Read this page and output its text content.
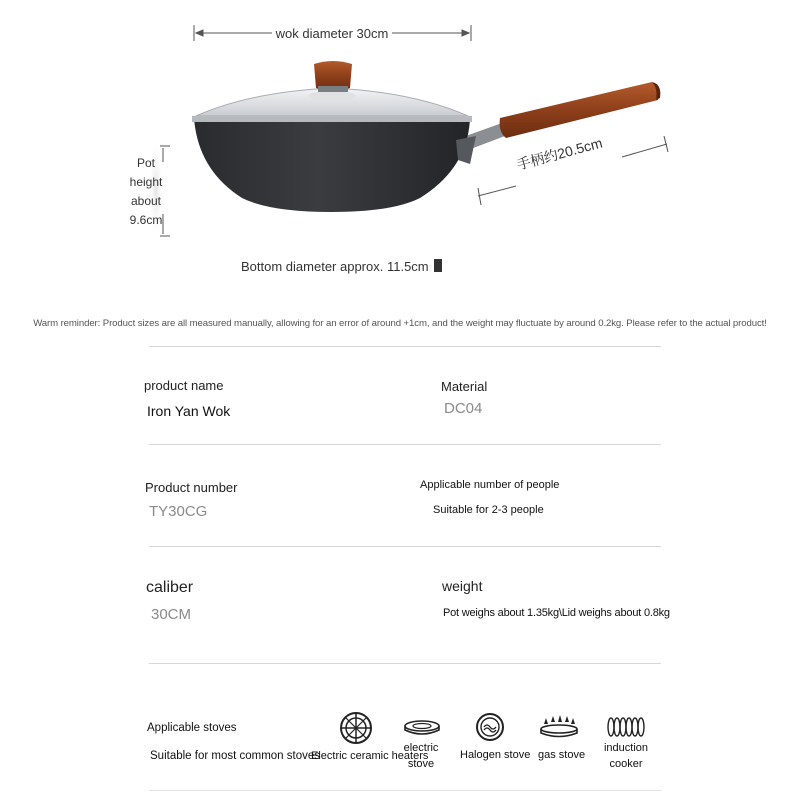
wok diameter 30cm
手柄约20.5cm
Pot
height
about
9.6cm
Bottom diameter approx. 11.5cm
Warm reminder: Product sizes are all measured manually, allowing for an error of around +1cm, and the weight may fluctuate by around 0.2kg. Please refer to the actual product!
product name
Iron Yan Wok
Material
DC04
Product number
TY30CG
Applicable number of people
Suitable for 2-3 people
caliber
30CM
weight
Pot weighs about 1.35kg\Lid weighs about 0.8kg
Applicable stoves
Suitable for most common stoves
Electric ceramic heaters
electric
stove
Halogen stove gas stove
induction
cooker
